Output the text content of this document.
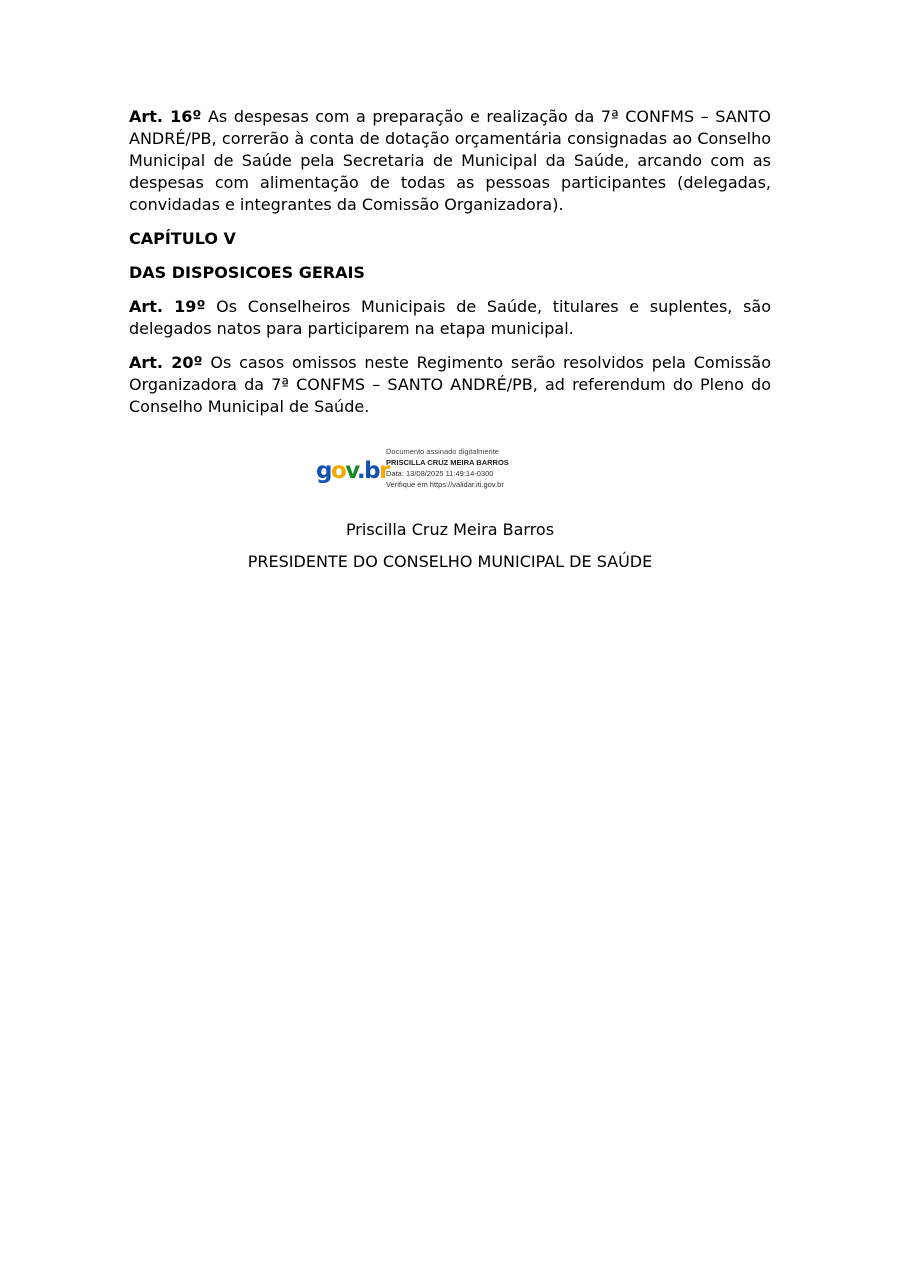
Art. 16º As despesas com a preparação e realização da 7ª CONFMS – SANTO ANDRÉ/PB, correrão à conta de dotação orçamentária consignadas ao Conselho Municipal de Saúde pela Secretaria de Municipal da Saúde, arcando com as despesas com alimentação de todas as pessoas participantes (delegadas, convidadas e integrantes da Comissão Organizadora).

CAPÍTULO V
DAS DISPOSICOES GERAIS

Art. 19º Os Conselheiros Municipais de Saúde, titulares e suplentes, são delegados natos para participarem na etapa municipal.

Art. 20º Os casos omissos neste Regimento serão resolvidos pela Comissão Organizadora da 7ª CONFMS – SANTO ANDRÉ/PB, ad referendum do Pleno do Conselho Municipal de Saúde.

gov.br
Documento assinado digitalmente
PRISCILLA CRUZ MEIRA BARROS
Data: 13/08/2025 11:49:14-0300
Verifique em https://validar.iti.gov.br
Priscilla Cruz Meira Barros
PRESIDENTE DO CONSELHO MUNICIPAL DE SAÚDE
